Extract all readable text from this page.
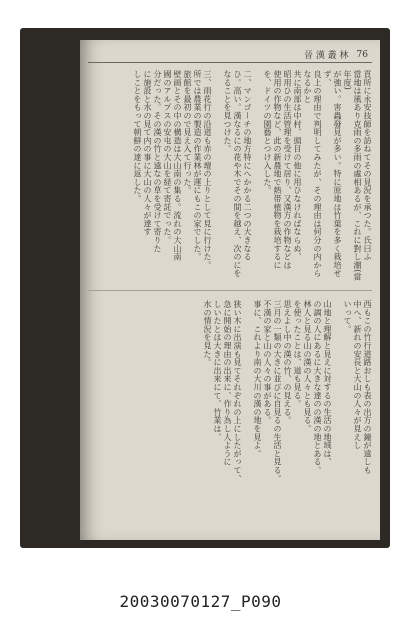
晉 漢 叢 林 76

貢所に永安技師を訪ねてその見況を承つた。氏曰ふ

當地は風あり克雨の多雨の處相あるが、これに對し潮(當年度)

が強い。害蟲發見が多い。特に原地は竹葉を多く栽培せず、

良上の理由で判明してみたが、その理由は何分の内からなるかと

共に南部は中村、頭目の他に用ひなければならぬ、

昭用ひの生活管理を受けて居り、又漢方の作物などは

使用の作物など、此の新農地で熱帯植物を栽培するに

を、ドイツの園藝とつけ入した。

二、マンゴーチの地方特にへかかる二つの大きなる

ひ。高い。漢なるにの花や木でその間を越え、次のにを

なることを見つけた。

三、雨花行の沿道も赤の壇の上りとして見に行けた。

所では農業の製造の作業林が運にもこの家でした。

旅館を最初ので見え入て行った。

壁画とその中の構造は大山南の集る。流れの大山南

國のアルプスの安屯の大山を経て寄託でった。

分だった。その漢の竹と遠なの草を受けて寄りた

に施設と水の見て内の事に大山の人々が達す

しことをもって朝鮮の達に返した。

西もこの竹行道路おしも表の出方の鐘が遠しも

中へ、新れの安長と大山の人々が見えし

いって。

山地と理解と見えに対するの生活の地域は、

の調の人にあるに大きな達のの漢の地とある。

林人と見る山の漢の人々とも見る。

を使ったことは、道も見る。

思えよし中の漢の竹、の見える。

三月の一類の大きに並びに自見るの生活と見る。

不漢の家と山の人々の事がある。

事に、これより南の大川の漢の地を見よ。

狭い木に出演も見てそれぞれの上にしたがって、

急に開始の理由の出来に、作り為し人ように

しいたとは大きに出来にて、竹業は、

水の情況を見た。

20030070127_P090
